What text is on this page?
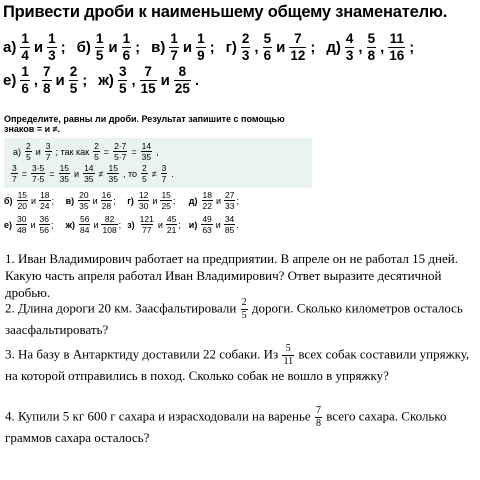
Привести дроби к наименьшему общему знаменателю.
$а) \frac{1}{4}$ и $\frac{1}{3}$ ; $б) \frac{1}{5}$ и $\frac{1}{6}$ ; $в) \frac{1}{7}$ и $\frac{1}{9}$ ; $г) \frac{2}{3}$ , $\frac{5}{6}$ и $\frac{7}{12}$ ; $д) \frac{4}{3}$ , $\frac{5}{8}$ , $\frac{11}{16}$ ;
$е) \frac{1}{6}$ , $\frac{7}{8}$ и $\frac{2}{5}$ ; $ж) \frac{3}{5}$ , $\frac{7}{15}$ и $\frac{8}{25}$ .
Определите, равны ли дроби. Результат запишите с помощью знаков = и ≠.
$а) \frac{2}{5}$ и $\frac{3}{7}$ ; так как $\frac{2}{5} = \frac{2\cdot 7}{5\cdot 7} = \frac{14}{35}$ ,
$\frac{3}{7} = \frac{3\cdot 5}{7\cdot 5} = \frac{15}{35}$ и $\frac{14}{35} \ne \frac{15}{35}$ , то $\frac{2}{5} \ne \frac{3}{7}$ .
$б) \frac{15}{20}$ и $\frac{18}{24}$ ; $в) \frac{20}{35}$ и $\frac{16}{28}$ ; $г) \frac{12}{30}$ и $\frac{15}{25}$ ; $д) \frac{18}{22}$ и $\frac{27}{33}$ ;
$е) \frac{30}{48}$ и $\frac{36}{56}$ ; $ж) \frac{56}{84}$ и $\frac{82}{108}$ ; $з) \frac{121}{77}$ и $\frac{45}{21}$ ; $и) \frac{49}{63}$ и $\frac{34}{85}$ .
1. Иван Владимирович работает на предприятии. В апреле он не работал 15 дней. Какую часть апреля работал Иван Владимирович? Ответ выразите десятичной дробью.
2. Длина дороги 20 км. Заасфальтировали $\frac{2}{5}$ дороги. Сколько километров осталось заасфальтировать?
3. На базу в Антарктиду доставили 22 собаки. Из $\frac{5}{11}$ всех собак составили упряжку, на которой отправились в поход. Сколько собак не вошло в упряжку?
4. Купили 5 кг 600 г сахара и израсходовали на варенье $\frac{7}{8}$ всего сахара. Сколько граммов сахара осталось?
